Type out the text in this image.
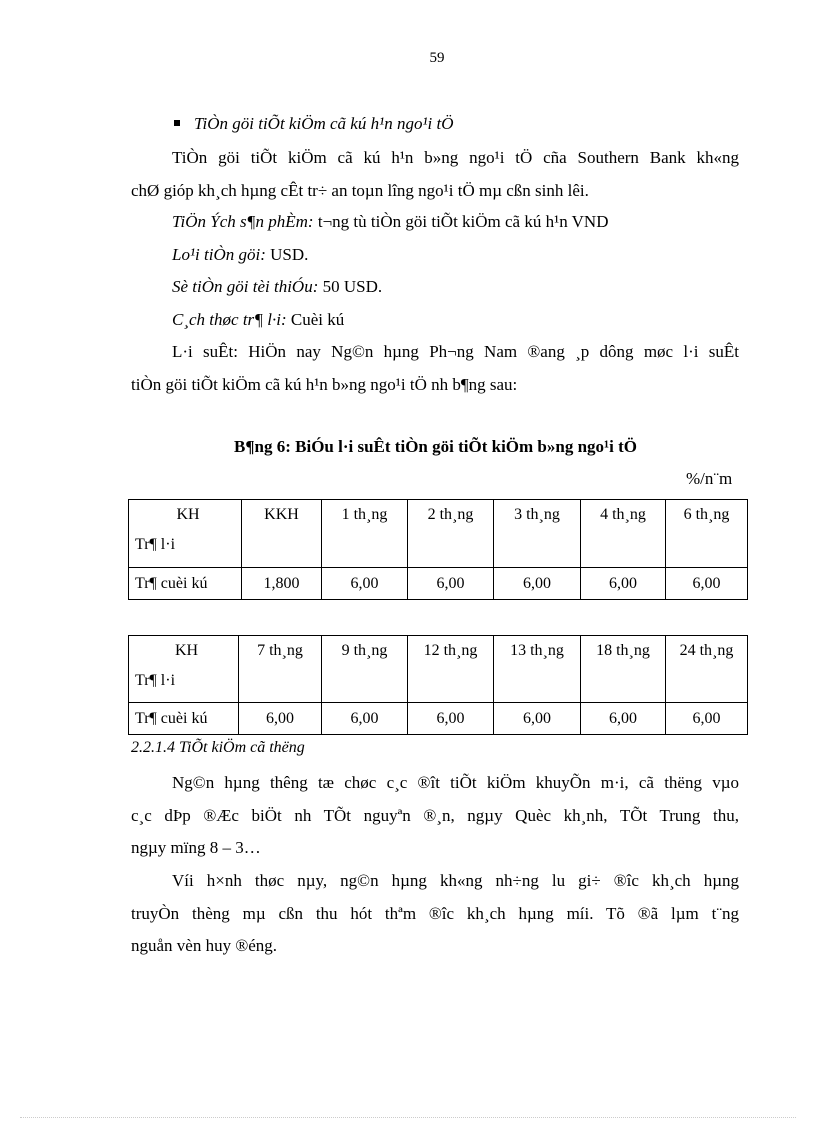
59
TiÒn göi tiÕt kiÖm cã kú h¹n ngo¹i tÖ
TiÒn göi tiÕt kiÖm cã kú h¹n b»ng ngo¹i tÖ cña Southern Bank kh«ng
chØ gióp kh¸ch hµng cÊt tr÷ an toµn lîng ngo¹i tÖ mµ cßn sinh lêi.
TiÖn Ých s¶n phÈm: t¬ng tù tiÒn göi tiÕt kiÖm cã kú h¹n VND
Lo¹i tiÒn göi: USD.
Sè tiÒn göi tèi thiÓu: 50 USD.
C¸ch thøc tr¶ l·i: Cuèi kú
L·i suÊt: HiÖn nay Ng©n hµng Ph¬ng Nam ®ang ¸p dông møc l·i suÊt
tiÒn göi tiÕt kiÖm cã kú h¹n b»ng ngo¹i tÖ nh b¶ng sau:
B¶ng 6: BiÓu l·i suÊt tiÒn göi tiÕt kiÖm b»ng ngo¹i tÖ
%/n¨m
KH
Tr¶ l·i	KKH	1 th¸ng	2 th¸ng	3 th¸ng	4 th¸ng	6 th¸ng
Tr¶ cuèi kú	1,800	6,00	6,00	6,00	6,00	6,00
KH
Tr¶ l·i	7 th¸ng	9 th¸ng	12 th¸ng	13 th¸ng	18 th¸ng	24 th¸ng
Tr¶ cuèi kú	6,00	6,00	6,00	6,00	6,00	6,00
2.2.1.4 TiÕt kiÖm cã thëng
Ng©n hµng thêng tæ chøc c¸c ®ît tiÕt kiÖm khuyÕn m·i, cã thëng vµo
c¸c dÞp ®Æc biÖt nh TÕt nguyªn ®¸n, ngµy Quèc kh¸nh, TÕt Trung thu,
ngµy mïng 8 – 3…
Víi h×nh thøc nµy, ng©n hµng kh«ng nh÷ng lu gi÷ ®îc kh¸ch hµng
truyÒn thèng mµ cßn thu hót thªm ®îc kh¸ch hµng míi. Tõ ®ã lµm t¨ng
nguån vèn huy ®éng.
